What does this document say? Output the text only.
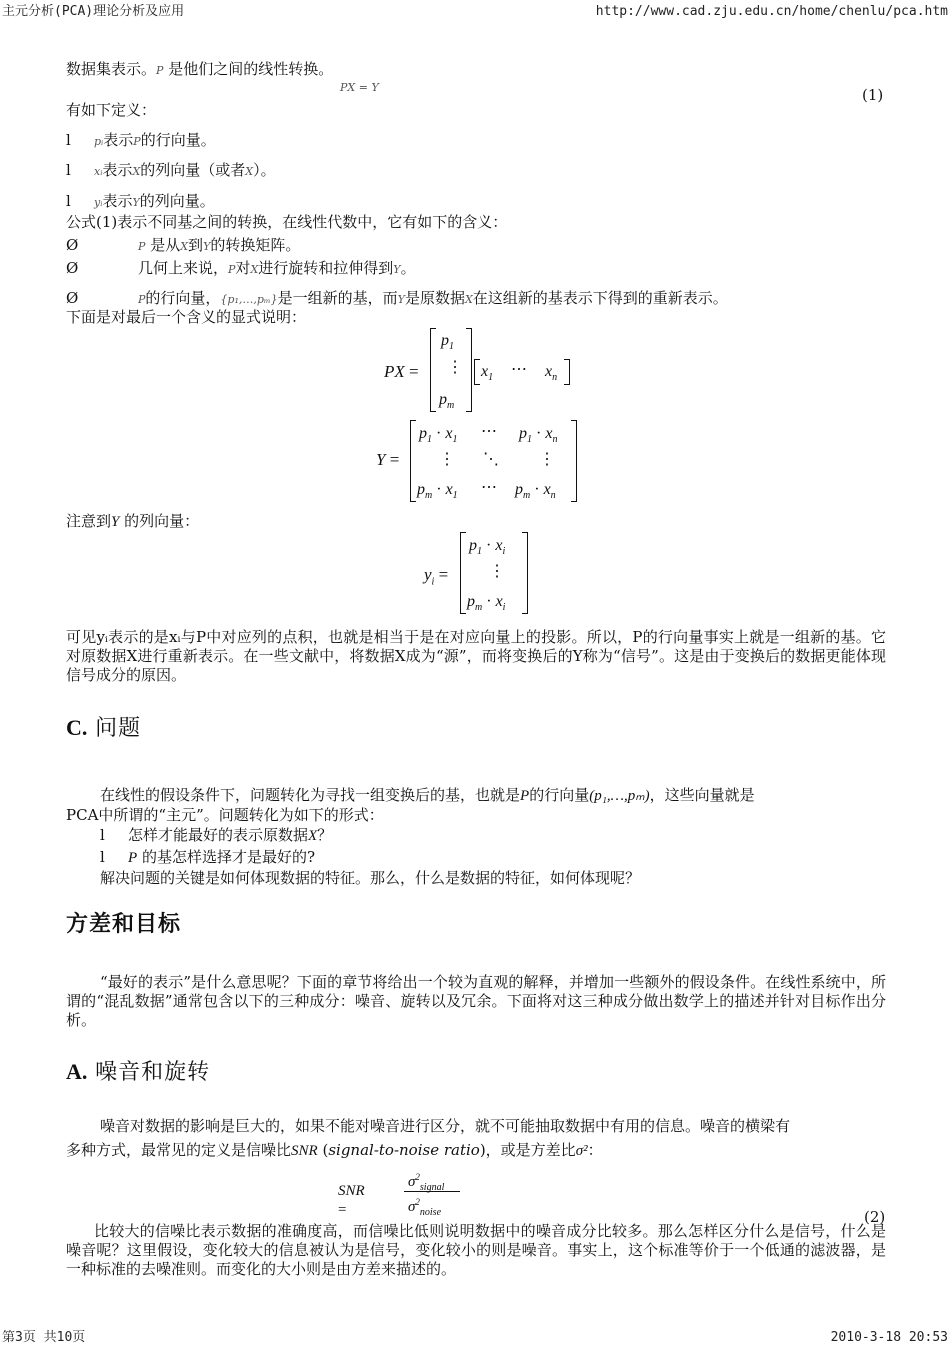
主元分析(PCA)理论分析及应用	http://www.cad.zju.edu.cn/home/chenlu/pca.htm
第3页 共10页	2010-3-18 20:53
数据集表示。P 是他们之间的线性转换。
PX = Y	(1)
有如下定义：
l pᵢ表示P的行向量。
l xᵢ表示X的列向量（或者X）。
l yᵢ表示Y的列向量。
公式(1)表示不同基之间的转换，在线性代数中，它有如下的含义：
Ø	P 是从X到Y的转换矩阵。
Ø	几何上来说，P对X进行旋转和拉伸得到Y。
Ø	P的行向量，{p₁,…,pₘ}是一组新的基，而Y是原数据X在这组新的基表示下得到的重新表示。
下面是对最后一个含义的显式说明：
PX =
$p_1$
⋮
$p_m$
$x_1$ ⋯ $x_n$
Y =
$p_1 \cdot x_1$ ⋯ $p_1 \cdot x_n$
⋮ ⋱	⋮
$p_m \cdot x_1$ ⋯ $p_m \cdot x_n$
注意到Y 的列向量：
$y_i$ =
$p_1 \cdot x_i$
⋮
$p_m \cdot x_i$
可见yᵢ表示的是xᵢ与P中对应列的点积，也就是相当于是在对应向量上的投影。所以，P的行向量事实上就是一组新的基。它对原数据X进行重新表示。在一些文献中，将数据X成为“源”，而将变换后的Y称为“信号”。这是由于变换后的数据更能体现信号成分的原因。
C. 问题
在线性的假设条件下，问题转化为寻找一组变换后的基，也就是P的行向量(p₁,…,pₘ)，这些向量就是
PCA中所谓的“主元”。问题转化为如下的形式：
l 怎样才能最好的表示原数据X？
l P 的基怎样选择才是最好的?
解决问题的关键是如何体现数据的特征。那么，什么是数据的特征，如何体现呢？
方差和目标
“最好的表示”是什么意思呢？下面的章节将给出一个较为直观的解释，并增加一些额外的假设条件。在线性系统中，所谓的“混乱数据”通常包含以下的三种成分：噪音、旋转以及冗余。下面将对这三种成分做出数学上的描述并针对目标作出分析。
A. 噪音和旋转
噪音对数据的影响是巨大的，如果不能对噪音进行区分，就不可能抽取数据中有用的信息。噪音的横梁有
多种方式，最常见的定义是信噪比SNR (signal-to-noise ratio)，或是方差比σ²：
SNR =
$\sigma^2_{signal}$
$\sigma^2_{noise}$	(2)
比较大的信噪比表示数据的准确度高，而信噪比低则说明数据中的噪音成分比较多。那么怎样区分什么是信号，什么是噪音呢？这里假设，变化较大的信息被认为是信号，变化较小的则是噪音。事实上，这个标准等价于一个低通的滤波器，是一种标准的去噪准则。而变化的大小则是由方差来描述的。
